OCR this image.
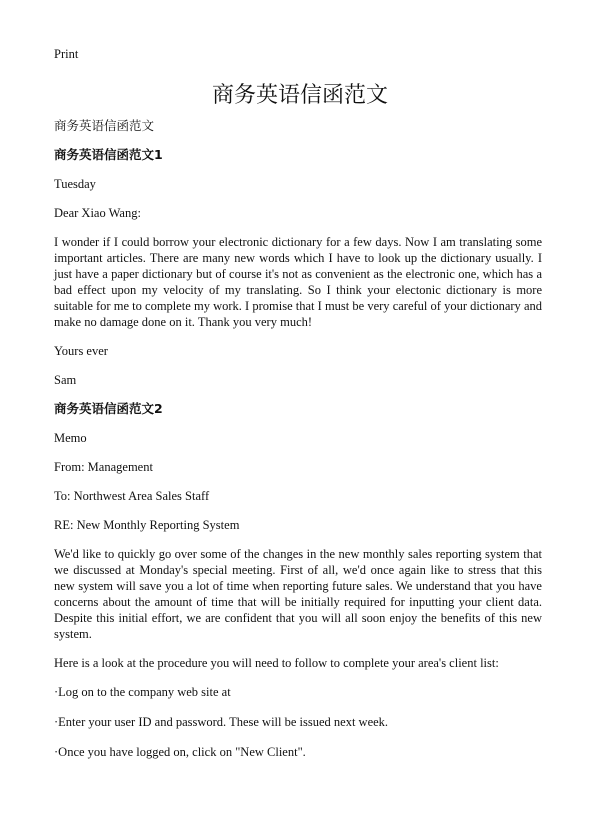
Print
商务英语信函范文

商务英语信函范文

商务英语信函范文1

Tuesday

Dear Xiao Wang:

I wonder if I could borrow your electronic dictionary for a few days. Now I am translating some important articles. There are many new words which I have to look up the dictionary usually. I just have a paper dictionary but of course it's not as convenient as the electronic one, which has a bad effect upon my velocity of my translating. So I think your electonic dictionary is more suitable for me to complete my work. I promise that I must be very careful of your dictionary and make no damage done on it. Thank you very much!

Yours ever

Sam

商务英语信函范文2

Memo

From: Management

To: Northwest Area Sales Staff

RE: New Monthly Reporting System

We'd like to quickly go over some of the changes in the new monthly sales reporting system that we discussed at Monday's special meeting. First of all, we'd once again like to stress that this new system will save you a lot of time when reporting future sales. We understand that you have concerns about the amount of time that will be initially required for inputting your client data. Despite this initial effort, we are confident that you will all soon enjoy the benefits of this new system.

Here is a look at the procedure you will need to follow to complete your area's client list:

·Log on to the company web site at

·Enter your user ID and password. These will be issued next week.

·Once you have logged on, click on "New Client".
